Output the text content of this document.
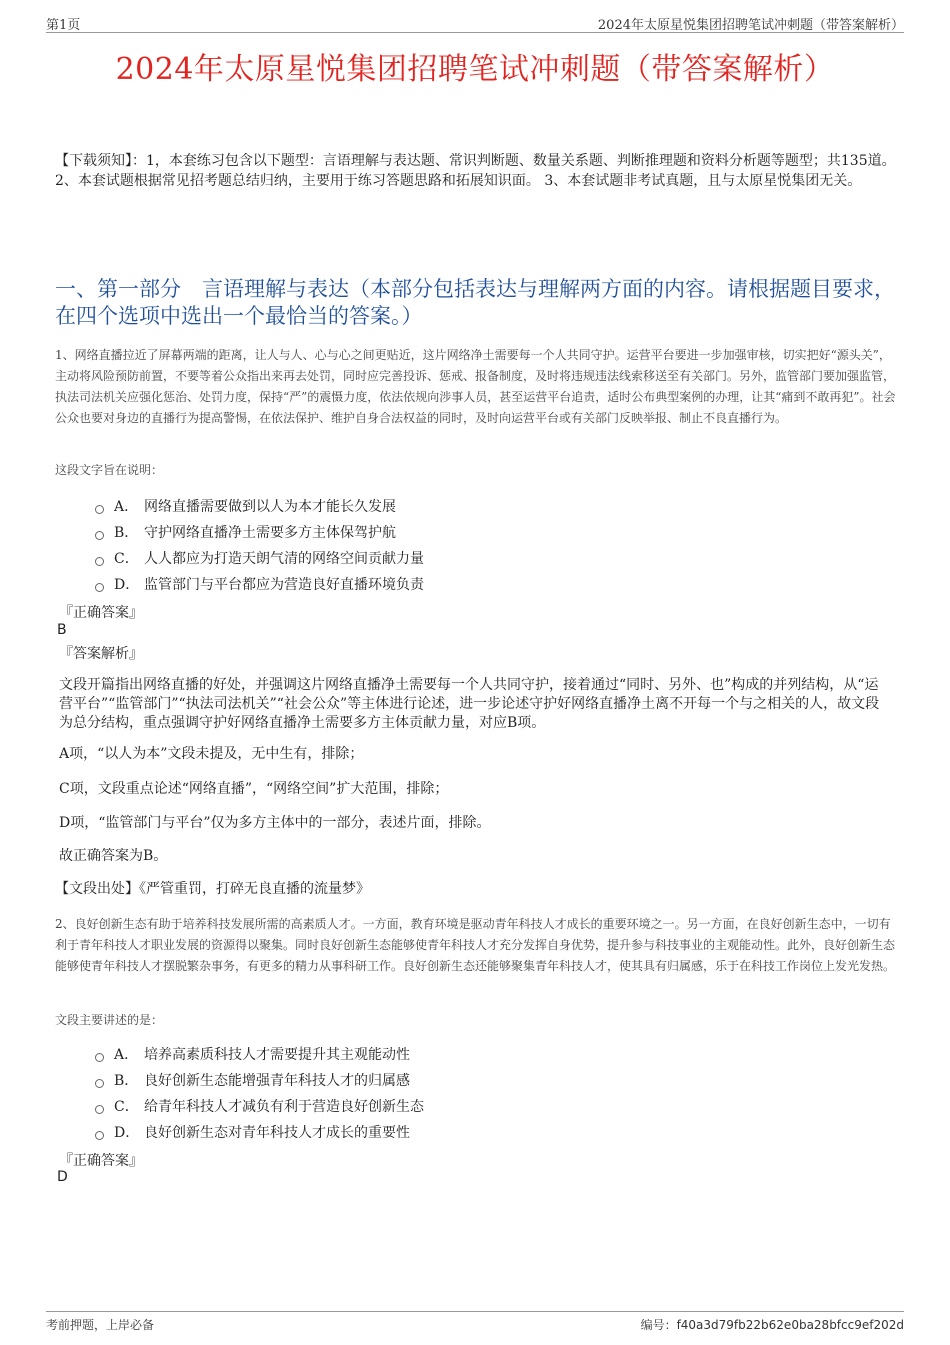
第1页	2024年太原星悦集团招聘笔试冲刺题（带答案解析）
2024年太原星悦集团招聘笔试冲刺题（带答案解析）
【下载须知】：1，本套练习包含以下题型：言语理解与表达题、常识判断题、数量关系题、判断推理题和资料分析题等题型；共135道。 2、本套试题根据常见招考题总结归纳，主要用于练习答题思路和拓展知识面。 3、本套试题非考试真题，且与太原星悦集团无关。
一、第一部分　言语理解与表达（本部分包括表达与理解两方面的内容。请根据题目要求，在四个选项中选出一个最恰当的答案。）
1、网络直播拉近了屏幕两端的距离，让人与人、心与心之间更贴近，这片网络净土需要每一个人共同守护。运营平台要进一步加强审核，切实把好“源头关”，主动将风险预防前置，不要等着公众指出来再去处罚，同时应完善投诉、惩戒、报备制度，及时将违规违法线索移送至有关部门。另外，监管部门要加强监管，执法司法机关应强化惩治、处罚力度，保持“严”的震慑力度，依法依规向涉事人员，甚至运营平台追责，适时公布典型案例的办理，让其“痛到不敢再犯”。社会公众也要对身边的直播行为提高警惕，在依法保护、维护自身合法权益的同时，及时向运营平台或有关部门反映举报、制止不良直播行为。
这段文字旨在说明：
A． 网络直播需要做到以人为本才能长久发展
B． 守护网络直播净土需要多方主体保驾护航
C． 人人都应为打造天朗气清的网络空间贡献力量
D． 监管部门与平台都应为营造良好直播环境负责
『正确答案』
B
『答案解析』
文段开篇指出网络直播的好处，并强调这片网络直播净土需要每一个人共同守护，接着通过“同时、另外、也”构成的并列结构，从“运营平台”“监管部门”“执法司法机关”“社会公众”等主体进行论述，进一步论述守护好网络直播净土离不开每一个与之相关的人，故文段为总分结构，重点强调守护好网络直播净土需要多方主体贡献力量，对应B项。
A项，“以人为本”文段未提及，无中生有，排除；
C项，文段重点论述“网络直播”，“网络空间”扩大范围，排除；
D项，“监管部门与平台”仅为多方主体中的一部分，表述片面，排除。
故正确答案为B。
【文段出处】《严管重罚，打碎无良直播的流量梦》
2、良好创新生态有助于培养科技发展所需的高素质人才。一方面，教育环境是驱动青年科技人才成长的重要环境之一。另一方面，在良好创新生态中，一切有利于青年科技人才职业发展的资源得以聚集。同时良好创新生态能够使青年科技人才充分发挥自身优势，提升参与科技事业的主观能动性。此外，良好创新生态能够使青年科技人才摆脱繁杂事务，有更多的精力从事科研工作。良好创新生态还能够聚集青年科技人才，使其具有归属感，乐于在科技工作岗位上发光发热。
文段主要讲述的是：
A． 培养高素质科技人才需要提升其主观能动性
B． 良好创新生态能增强青年科技人才的归属感
C． 给青年科技人才减负有利于营造良好创新生态
D． 良好创新生态对青年科技人才成长的重要性
『正确答案』
D
考前押题，上岸必备	编号：f40a3d79fb22b62e0ba28bfcc9ef202d
